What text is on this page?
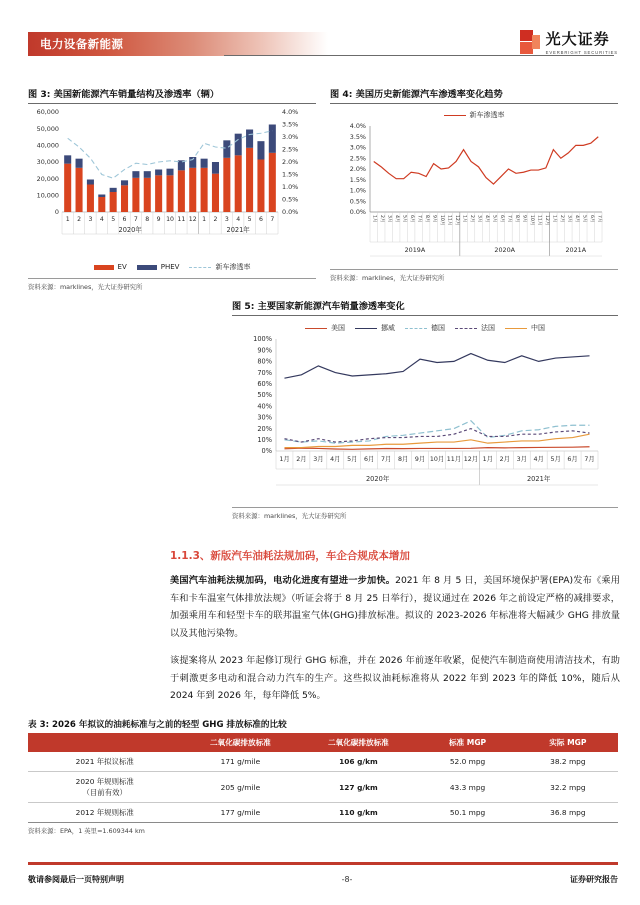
电力设备新能源	光大证券
EVERBRIGHT SECURITIES
图 3: 美国新能源汽车销量结构及渗透率（辆）
0
10,000
20,000
30,000
40,000
50,000
60,000
0.0%
0.5%
1.0%
1.5%
2.0%
2.5%
3.0%
3.5%
4.0%
1 2 3 4 5 6 7 8 9 10 11 12 1 2 3 4 5 6 7
2020年	2021年
EV	PHEV	新车渗透率
资料来源：marklines，光大证券研究所
图 4: 美国历史新能源汽车渗透率变化趋势
新车渗透率
0.0%
0.5%
1.0%
1.5%
2.0%
2.5%
3.0%
3.5%
4.0%
1月 2月 3月 4月 5月 6月 7月 8月 9月 10月 11月 12月 1月 2月 3月 4月 5月 6月 7月 8月 9月 10月 11月 12月 1月 2月 3月 4月 5月 6月 7月
2019A	2020A	2021A
资料来源：marklines，光大证券研究所
图 5: 主要国家新能源汽车销量渗透率变化
美国	挪威	德国	法国	中国
0%
10%
20%
30%
40%
50%
60%
70%
80%
90%
100%
1月 2月 3月 4月 5月 6月 7月 8月 9月 10月 11月 12月 1月 2月 3月 4月 5月 6月 7月
2020年	2021年
资料来源：marklines，光大证券研究所
1.1.3、新版汽车油耗法规加码，车企合规成本增加
美国汽车油耗法规加码，电动化进度有望进一步加快。2021 年 8 月 5 日，美国环境保护署(EPA)发布《乘用车和卡车温室气体排放法规》（听证会将于 8 月 25 日举行），提议通过在 2026 年之前设定严格的减排要求，加强乘用车和轻型卡车的联邦温室气体(GHG)排放标准。拟议的 2023-2026 年标准将大幅减少 GHG 排放量以及其他污染物。
该提案将从 2023 年起修订现行 GHG 标准，并在 2026 年前逐年收紧，促使汽车制造商使用清洁技术，有助于刺激更多电动和混合动力汽车的生产。这些拟议油耗标准将从 2022 年到 2023 年的降低 10%，随后从 2024 年到 2026 年，每年降低 5%。
表 3: 2026 年拟议的油耗标准与之前的轻型 GHG 排放标准的比较
	二氧化碳排放标准	二氧化碳排放标准	标准 MGP	实际 MGP
2021 年拟议标准	171 g/mile	106 g/km	52.0 mpg	38.2 mpg
2020 年规则标准
（目前有效）	205 g/mile	127 g/km	43.3 mpg	32.2 mpg
2012 年规则标准	177 g/mile	110 g/km	50.1 mpg	36.8 mpg
资料来源：EPA，1 英里=1.609344 km
敬请参阅最后一页特别声明	-8-	证券研究报告
